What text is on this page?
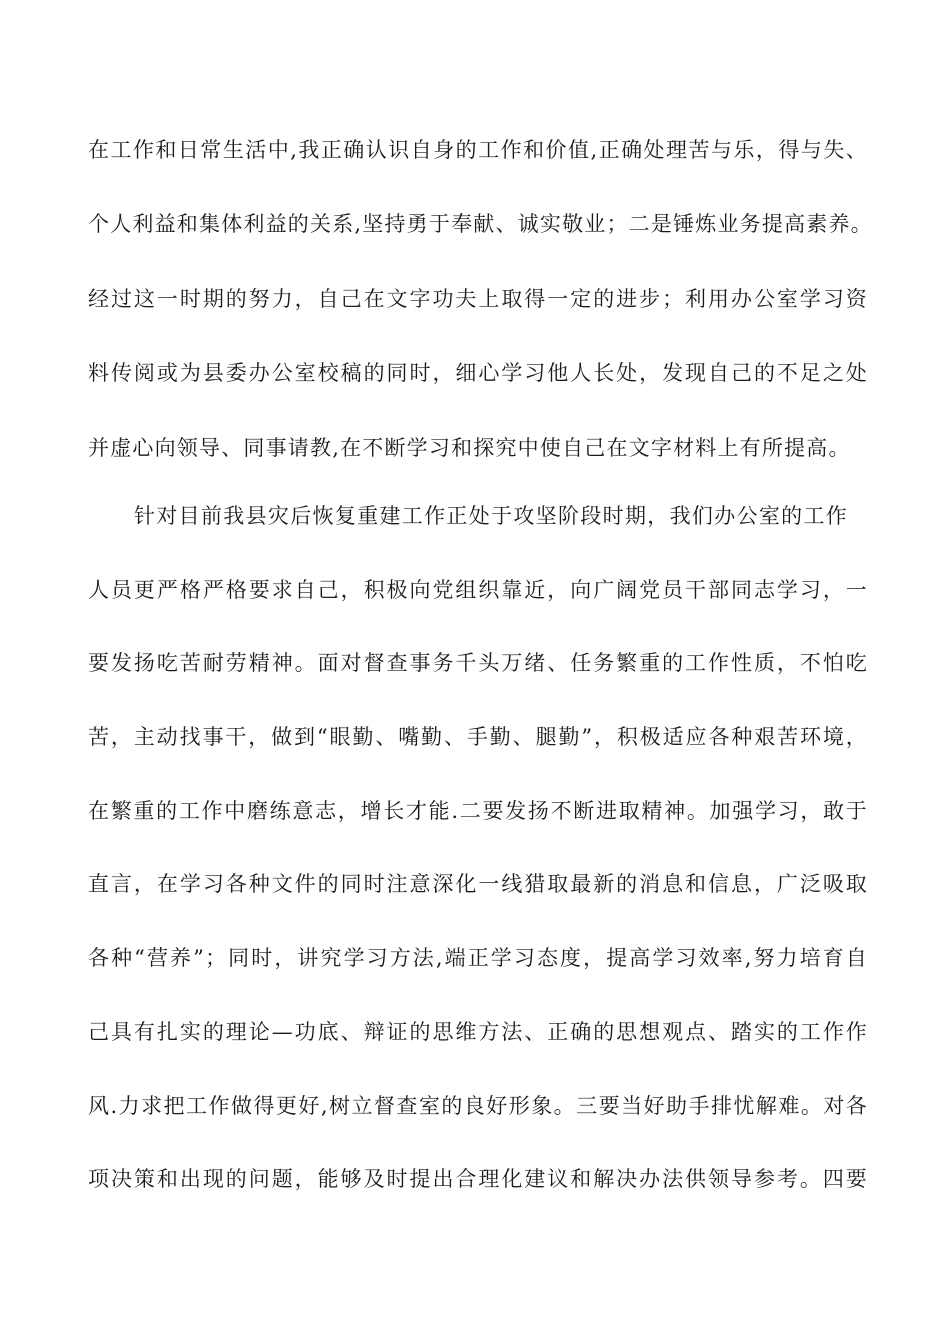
在工作和日常生活中,我正确认识自身的工作和价值,正确处理苦与乐，得与失、
个人利益和集体利益的关系,坚持勇于奉献、诚实敬业；二是锤炼业务提高素养。
经过这一时期的努力，自己在文字功夫上取得一定的进步；利用办公室学习资
料传阅或为县委办公室校稿的同时，细心学习他人长处，发现自己的不足之处
并虚心向领导、同事请教,在不断学习和探究中使自己在文字材料上有所提高。
针对目前我县灾后恢复重建工作正处于攻坚阶段时期，我们办公室的工作
人员更严格严格要求自己，积极向党组织靠近，向广阔党员干部同志学习，一
要发扬吃苦耐劳精神。面对督查事务千头万绪、任务繁重的工作性质，不怕吃
苦，主动找事干，做到“眼勤、嘴勤、手勤、腿勤”，积极适应各种艰苦环境，
在繁重的工作中磨练意志，增长才能.二要发扬不断进取精神。加强学习，敢于
直言，在学习各种文件的同时注意深化一线猎取最新的消息和信息，广泛吸取
各种“营养”；同时，讲究学习方法,端正学习态度，提高学习效率,努力培育自
己具有扎实的理论—功底、辩证的思维方法、正确的思想观点、踏实的工作作
风.力求把工作做得更好,树立督查室的良好形象。三要当好助手排忧解难。对各
项决策和出现的问题，能够及时提出合理化建议和解决办法供领导参考。四要
